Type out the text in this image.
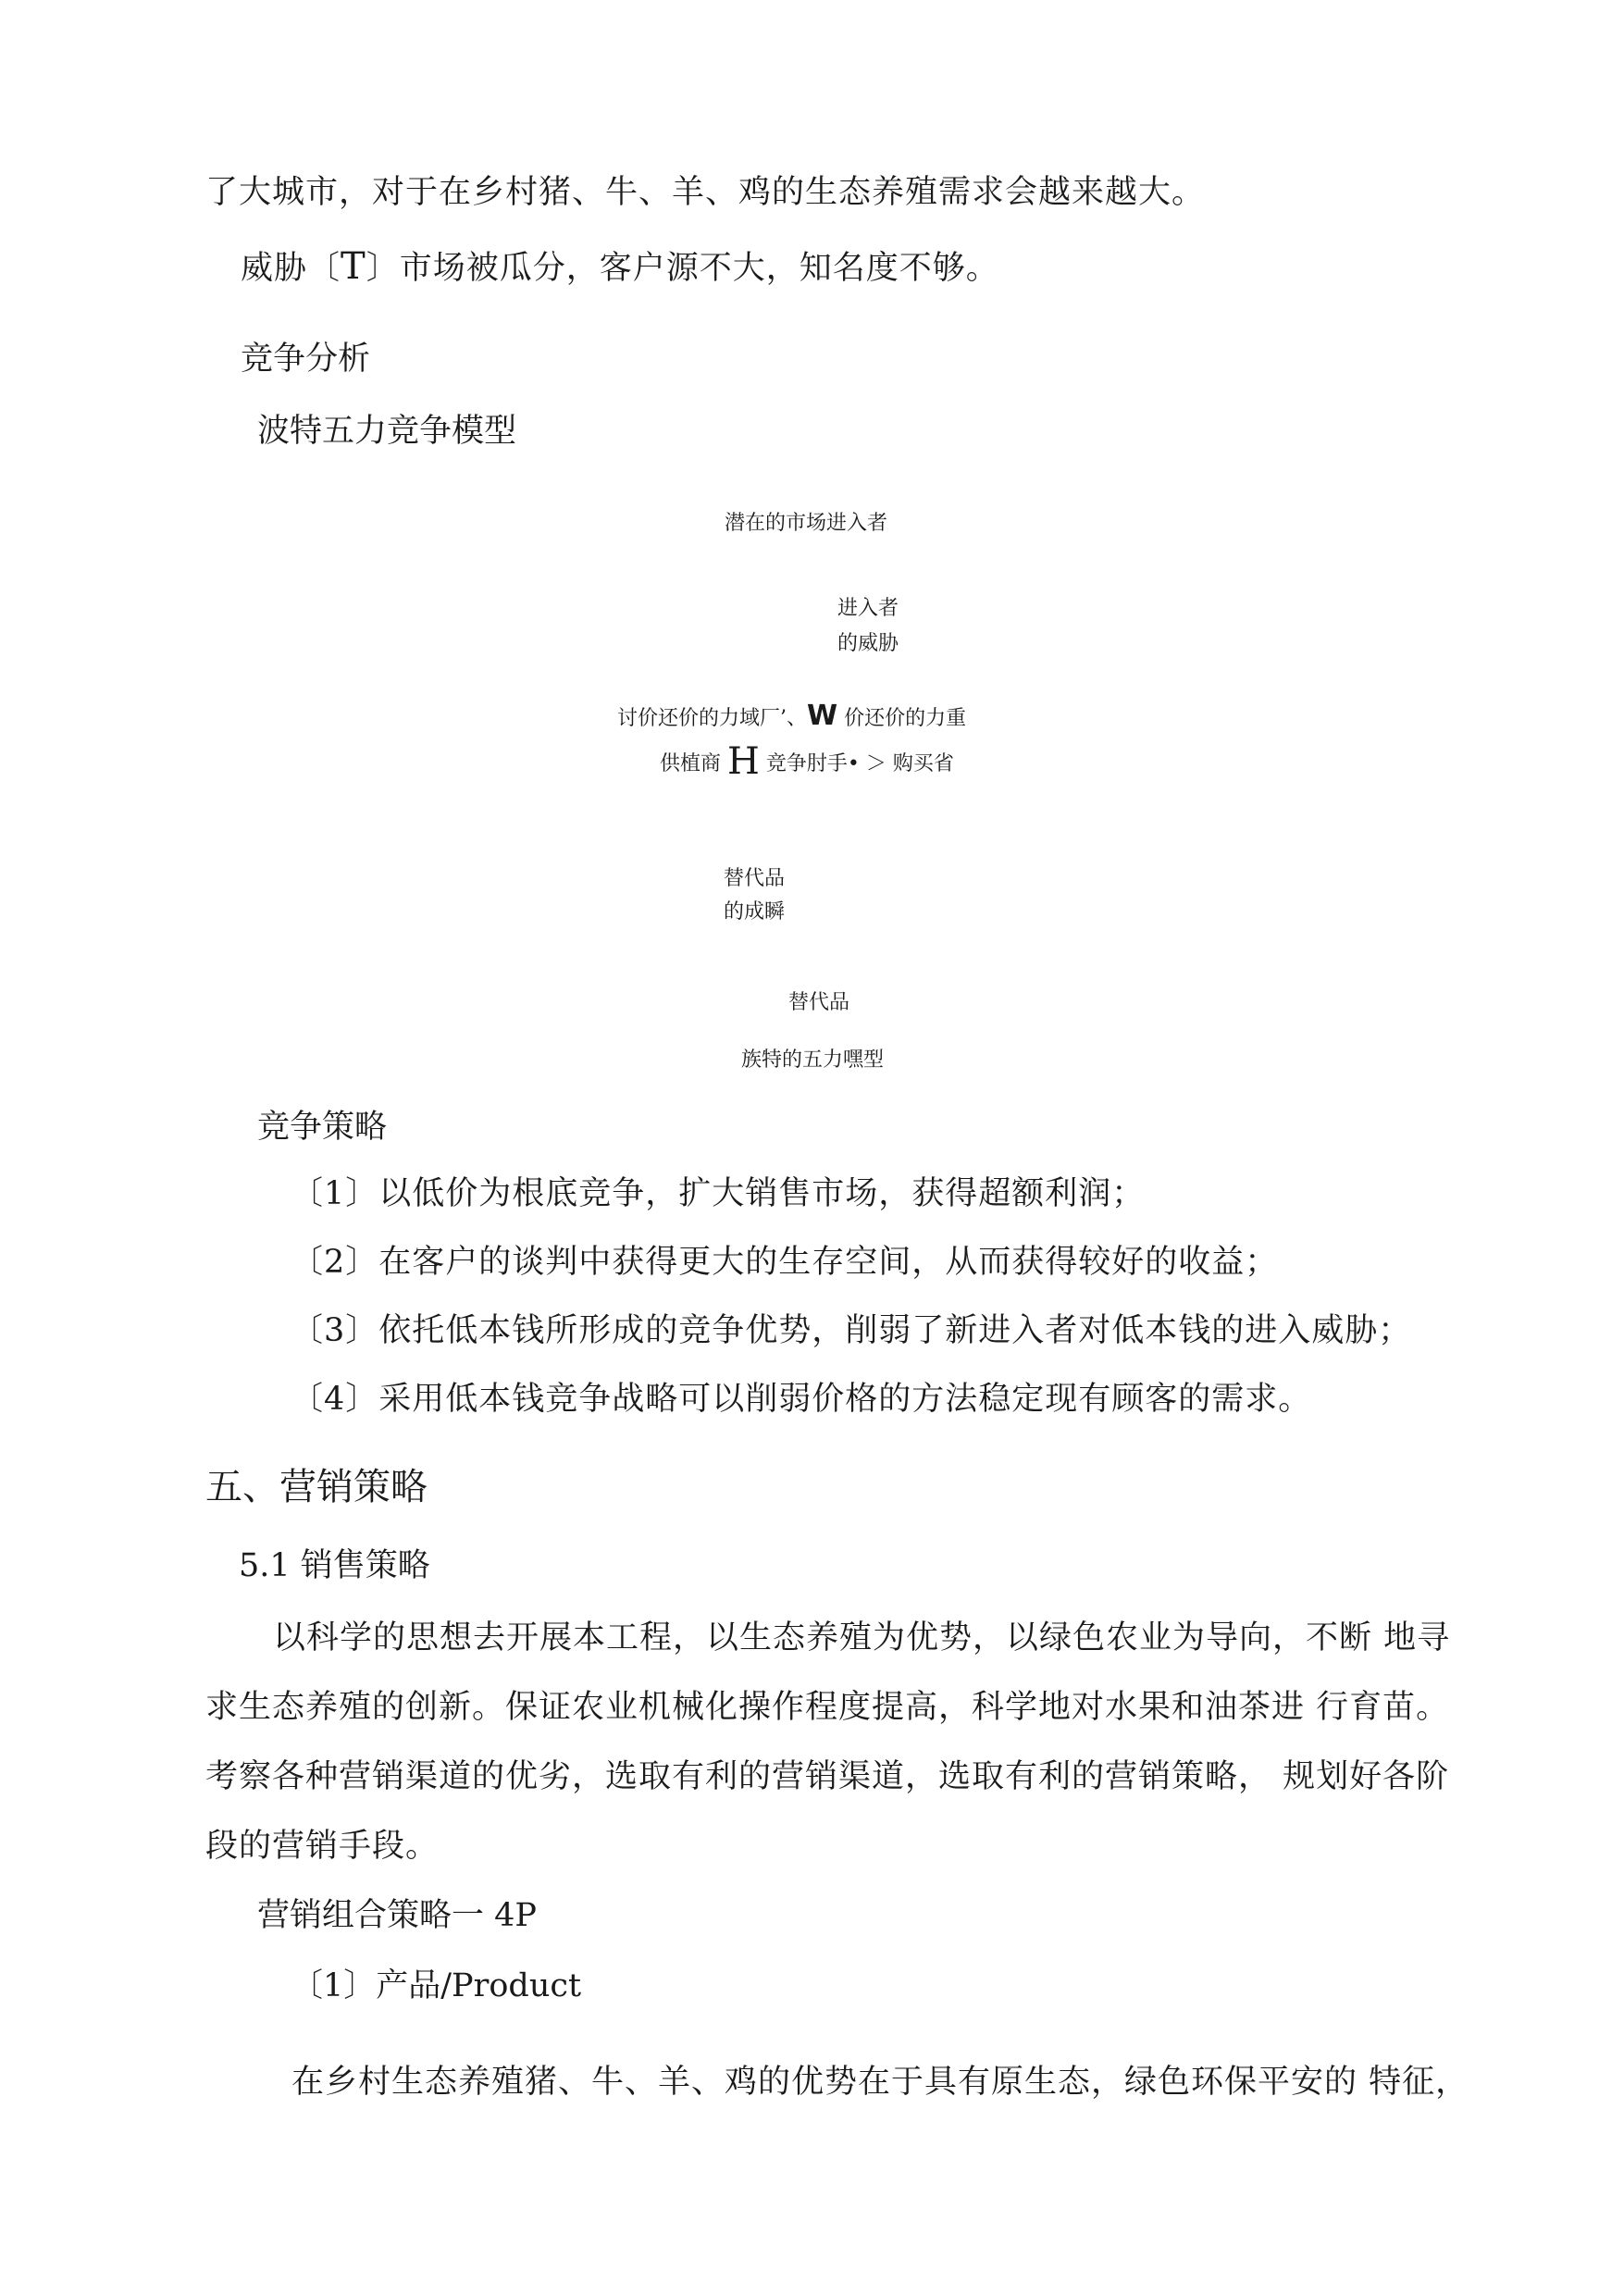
了大城市，对于在乡村猪、牛、羊、鸡的生态养殖需求会越来越大。

威胁〔T〕市场被瓜分，客户源不大，知名度不够。

竞争分析

波特五力竞争模型

潜在的市场进入者

进入者

的威胁

讨价还价的力域厂’、W 价还价的力重

供植商 H 竞争肘手• ＞ 购买省

替代品

的成瞬

替代品

族特的五力嘿型

竞争策略

〔1〕以低价为根底竞争，扩大销售市场，获得超额利润；

〔2〕在客户的谈判中获得更大的生存空间，从而获得较好的收益；

〔3〕依托低本钱所形成的竞争优势，削弱了新进入者对低本钱的进入威胁；

〔4〕采用低本钱竞争战略可以削弱价格的方法稳定现有顾客的需求。

五、营销策略

5.1 销售策略

以科学的思想去开展本工程，以生态养殖为优势，以绿色农业为导向，不断 地寻

求生态养殖的创新。保证农业机械化操作程度提高，科学地对水果和油茶进 行育苗。

考察各种营销渠道的优劣，选取有利的营销渠道，选取有利的营销策略， 规划好各阶

段的营销手段。

营销组合策略一 4P

〔1〕产品/Product

在乡村生态养殖猪、牛、羊、鸡的优势在于具有原生态，绿色环保平安的 特征，
